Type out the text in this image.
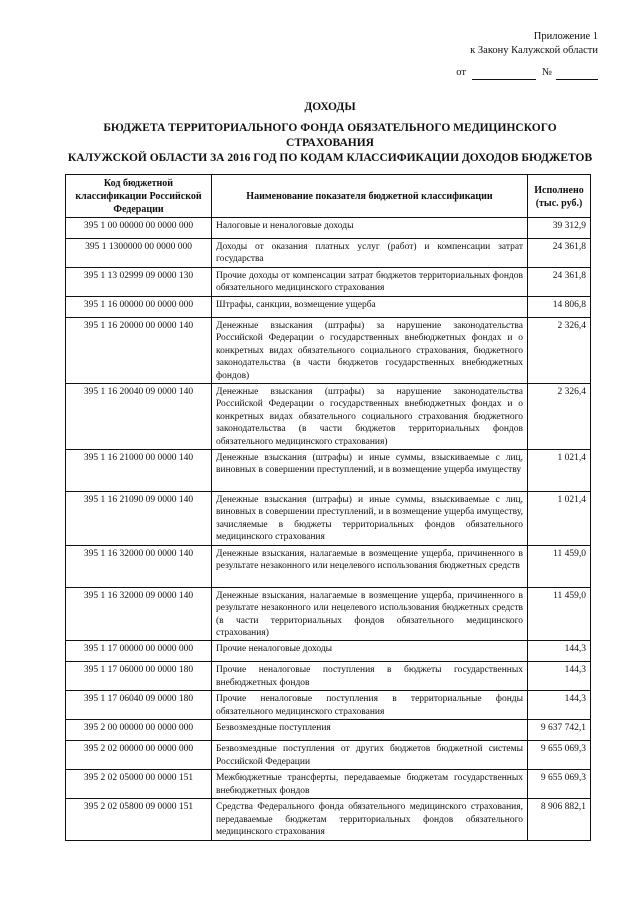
Приложение 1
к Закону Калужской области
от	№
ДОХОДЫ
БЮДЖЕТА ТЕРРИТОРИАЛЬНОГО ФОНДА ОБЯЗАТЕЛЬНОГО МЕДИЦИНСКОГО СТРАХОВАНИЯ
КАЛУЖСКОЙ ОБЛАСТИ ЗА 2016 ГОД ПО КОДАМ КЛАССИФИКАЦИИ ДОХОДОВ БЮДЖЕТОВ
Код бюджетной классификации Российской Федерации	Наименование показателя бюджетной классификации	Исполнено (тыс. руб.)
395 1 00 00000 00 0000 000	Налоговые и неналоговые доходы	39 312,9
395 1 1300000 00 0000 000	Доходы от оказания платных услуг (работ) и компенсации затрат государства	24 361,8
395 1 13 02999 09 0000 130	Прочие доходы от компенсации затрат бюджетов территориальных фондов обязательного медицинского страхования	24 361,8
395 1 16 00000 00 0000 000	Штрафы, санкции, возмещение ущерба	14 806,8
395 1 16 20000 00 0000 140	Денежные взыскания (штрафы) за нарушение законодательства Российской Федерации о государственных внебюджетных фондах и о конкретных видах обязательного социального страхования, бюджетного законодательства (в части бюджетов государственных внебюджетных фондов)	2 326,4
395 1 16 20040 09 0000 140	Денежные взыскания (штрафы) за нарушение законодательства Российской Федерации о государственных внебюджетных фондах и о конкретных видах обязательного социального страхования бюджетного законодательства (в части бюджетов территориальных фондов обязательного медицинского страхования)	2 326,4
395 1 16 21000 00 0000 140	Денежные взыскания (штрафы) и иные суммы, взыскиваемые с лиц, виновных в совершении преступлений, и в возмещение ущерба имуществу	1 021,4
395 1 16 21090 09 0000 140	Денежные взыскания (штрафы) и иные суммы, взыскиваемые с лиц, виновных в совершении преступлений, и в возмещение ущерба имуществу, зачисляемые в бюджеты территориальных фондов обязательного медицинского страхования	1 021,4
395 1 16 32000 00 0000 140	Денежные взыскания, налагаемые в возмещение ущерба, причиненного в результате незаконного или нецелевого использования бюджетных средств	11 459,0
395 1 16 32000 09 0000 140	Денежные взыскания, налагаемые в возмещение ущерба, причиненного в результате незаконного или нецелевого использования бюджетных средств (в части территориальных фондов обязательного медицинского страхования)	11 459,0
395 1 17 00000 00 0000 000	Прочие неналоговые доходы	144,3
395 1 17 06000 00 0000 180	Прочие неналоговые поступления в бюджеты государственных внебюджетных фондов	144,3
395 1 17 06040 09 0000 180	Прочие неналоговые поступления в территориальные фонды обязательного медицинского страхования	144,3
395 2 00 00000 00 0000 000	Безвозмездные поступления	9 637 742,1
395 2 02 00000 00 0000 000	Безвозмездные поступления от других бюджетов бюджетной системы Российской Федерации	9 655 069,3
395 2 02 05000 00 0000 151	Межбюджетные трансферты, передаваемые бюджетам государственных внебюджетных фондов	9 655 069,3
395 2 02 05800 09 0000 151	Средства Федерального фонда обязательного медицинского страхования, передаваемые бюджетам территориальных фондов обязательного медицинского страхования	8 906 882,1
